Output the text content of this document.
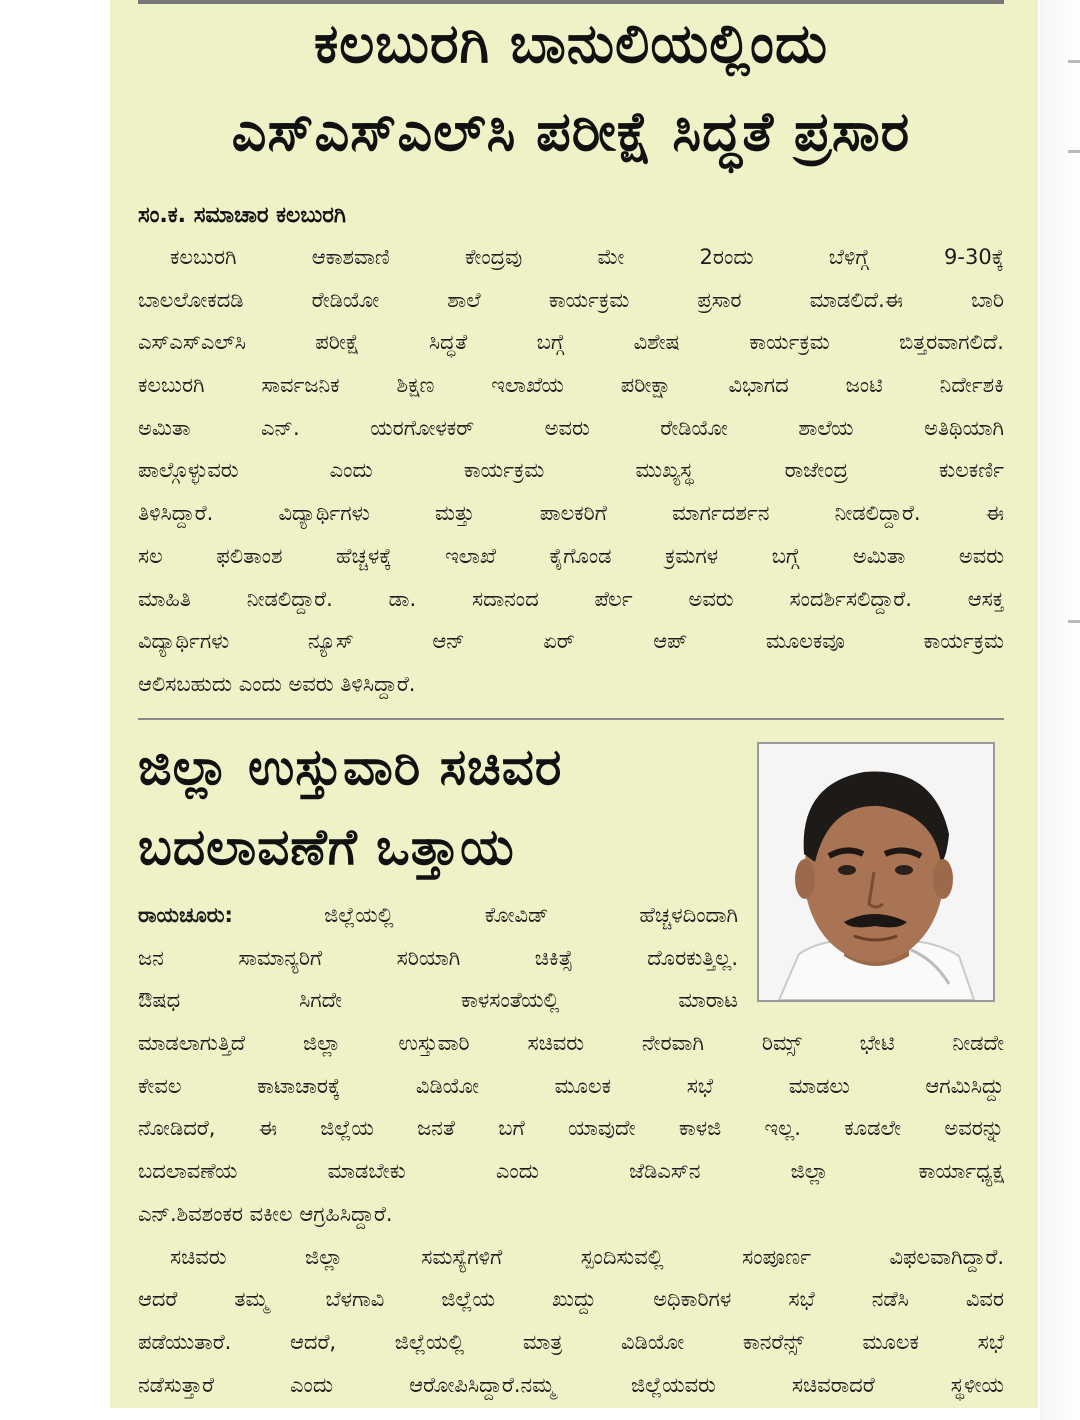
ಕಲಬುರಗಿ ಬಾನುಲಿಯಲ್ಲಿಂದು
ಎಸ್‌ಎಸ್‌ಎಲ್‌ಸಿ ಪರೀಕ್ಷೆ ಸಿದ್ಧತೆ ಪ್ರಸಾರ
ಸಂ.ಕ. ಸಮಾಚಾರ ಕಲಬುರಗಿ
ಕಲಬುರಗಿ ಆಕಾಶವಾಣಿ ಕೇಂದ್ರವು ಮೇ 2ರಂದು ಬೆಳಿಗ್ಗೆ 9-30ಕ್ಕೆ
ಬಾಲಲೋಕದಡಿ ರೇಡಿಯೋ ಶಾಲೆ ಕಾರ್ಯಕ್ರಮ ಪ್ರಸಾರ ಮಾಡಲಿದೆ.ಈ ಬಾರಿ
ಎಸ್‌ಎಸ್‌ಎಲ್‌ಸಿ ಪರೀಕ್ಷೆ ಸಿದ್ಧತೆ ಬಗ್ಗೆ ವಿಶೇಷ ಕಾರ್ಯಕ್ರಮ ಬಿತ್ತರವಾಗಲಿದೆ.
ಕಲಬುರಗಿ ಸಾರ್ವಜನಿಕ ಶಿಕ್ಷಣ ಇಲಾಖೆಯ ಪರೀಕ್ಷಾ ವಿಭಾಗದ ಜಂಟಿ ನಿರ್ದೇಶಕಿ
ಅಮಿತಾ ಎನ್. ಯರಗೋಳಕರ್ ಅವರು ರೇಡಿಯೋ ಶಾಲೆಯ ಅತಿಥಿಯಾಗಿ
ಪಾಲ್ಗೊಳ್ಳುವರು ಎಂದು ಕಾರ್ಯಕ್ರಮ ಮುಖ್ಯಸ್ಥ ರಾಜೇಂದ್ರ ಕುಲಕರ್ಣಿ
ತಿಳಿಸಿದ್ದಾರೆ. ವಿದ್ಯಾರ್ಥಿಗಳು ಮತ್ತು ಪಾಲಕರಿಗೆ ಮಾರ್ಗದರ್ಶನ ನೀಡಲಿದ್ದಾರೆ. ಈ
ಸಲ ಫಲಿತಾಂಶ ಹೆಚ್ಚಳಕ್ಕೆ ಇಲಾಖೆ ಕೈಗೊಂಡ ಕ್ರಮಗಳ ಬಗ್ಗೆ ಅಮಿತಾ ಅವರು
ಮಾಹಿತಿ ನೀಡಲಿದ್ದಾರೆ. ಡಾ. ಸದಾನಂದ ಪೆರ್ಲ ಅವರು ಸಂದರ್ಶಿಸಲಿದ್ದಾರೆ. ಆಸಕ್ತ
ವಿದ್ಯಾರ್ಥಿಗಳು ನ್ಯೂಸ್ ಆನ್ ಏರ್ ಆಪ್ ಮೂಲಕವೂ ಕಾರ್ಯಕ್ರಮ
ಆಲಿಸಬಹುದು ಎಂದು ಅವರು ತಿಳಿಸಿದ್ದಾರೆ.
ಜಿಲ್ಲಾ ಉಸ್ತುವಾರಿ ಸಚಿವರ
ಬದಲಾವಣೆಗೆ ಒತ್ತಾಯ
ರಾಯಚೂರು:	ಜಿಲ್ಲೆಯಲ್ಲಿ ಕೋವಿಡ್ ಹೆಚ್ಚಳದಿಂದಾಗಿ
ಜನ ಸಾಮಾನ್ಯರಿಗೆ ಸರಿಯಾಗಿ ಚಿಕಿತ್ಸೆ ದೊರಕುತ್ತಿಲ್ಲ.
ಔಷಧ ಸಿಗದೇ ಕಾಳಸಂತೆಯಲ್ಲಿ ಮಾರಾಟ
ಮಾಡಲಾಗುತ್ತಿದೆ ಜಿಲ್ಲಾ ಉಸ್ತುವಾರಿ ಸಚಿವರು ನೇರವಾಗಿ ರಿಮ್ಸ್ ಭೇಟಿ ನೀಡದೇ
ಕೇವಲ ಕಾಟಾಚಾರಕ್ಕೆ ವಿಡಿಯೋ ಮೂಲಕ ಸಭೆ ಮಾಡಲು ಆಗಮಿಸಿದ್ದು
ನೋಡಿದರೆ, ಈ ಜಿಲ್ಲೆಯ ಜನತೆ ಬಗೆ ಯಾವುದೇ ಕಾಳಜಿ ಇಲ್ಲ. ಕೂಡಲೇ ಅವರನ್ನು
ಬದಲಾವಣೆಯ ಮಾಡಬೇಕು ಎಂದು ಜೆಡಿಎಸ್‌ನ ಜಿಲ್ಲಾ ಕಾರ್ಯಾಧ್ಯಕ್ಷ
ಎನ್.ಶಿವಶಂಕರ ವಕೀಲ ಆಗ್ರಹಿಸಿದ್ದಾರೆ.
ಸಚಿವರು ಜಿಲ್ಲಾ ಸಮಸ್ಯೆಗಳಿಗೆ ಸ್ಪಂದಿಸುವಲ್ಲಿ ಸಂಪೂರ್ಣ ವಿಫಲವಾಗಿದ್ದಾರೆ.
ಆದರೆ ತಮ್ಮ ಬೆಳಗಾವಿ ಜಿಲ್ಲೆಯ ಖುದ್ದು ಅಧಿಕಾರಿಗಳ ಸಭೆ ನಡೆಸಿ ವಿವರ
ಪಡೆಯುತಾರೆ. ಆದರೆ, ಜಿಲ್ಲೆಯಲ್ಲಿ ಮಾತ್ರ ವಿಡಿಯೋ ಕಾನರೆನ್ಸ್ ಮೂಲಕ ಸಭೆ
ನಡೆಸುತ್ತಾರೆ ಎಂದು ಆರೋಪಿಸಿದ್ದಾರೆ.ನಮ್ಮ ಜಿಲ್ಲೆಯವರು ಸಚಿವರಾದರೆ ಸ್ಥಳೀಯ
